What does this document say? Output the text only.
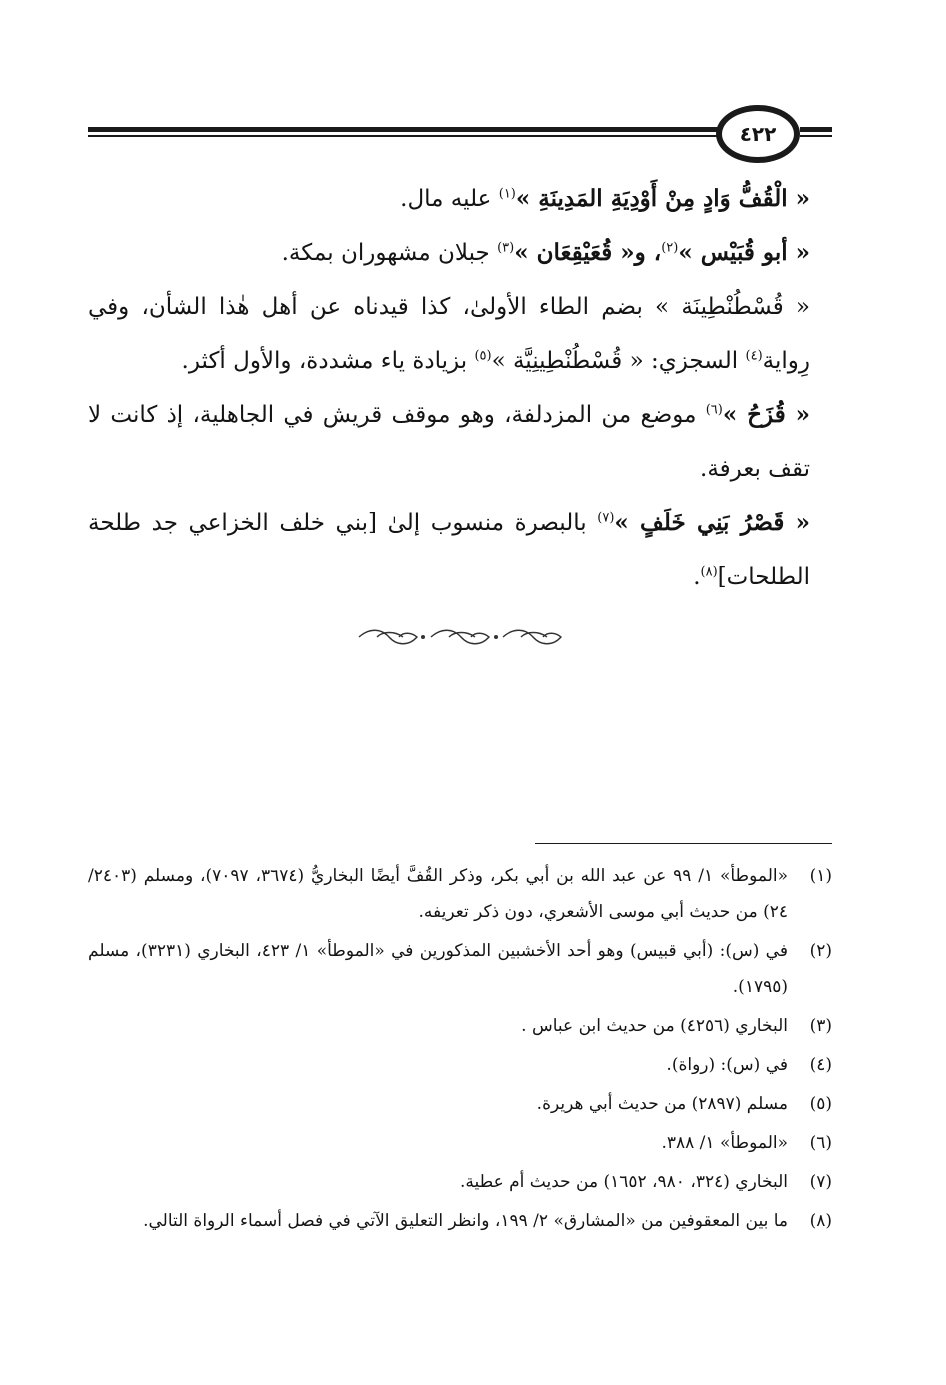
٤٢٢

« الْقُفُّ وَادٍ مِنْ أَوْدِيَةِ المَدِينَةِ »$^{(١)}$ عليه مال.

« أبو قُبَيْس »$^{(٢)}$، و« قُعَيْقِعَان »$^{(٣)}$ جبلان مشهوران بمكة.

« قُسْطُنْطِينَة » بضم الطاء الأولىٰ، كذا قيدناه عن أهل هٰذا الشأن، وفي رِواية$^{(٤)}$ السجزي: « قُسْطُنْطِينِيَّة »$^{(٥)}$ بزيادة ياء مشددة، والأول أكثر.

« قُزَحُ »$^{(٦)}$ موضع من المزدلفة، وهو موقف قريش في الجاهلية، إذ كانت لا تقف بعرفة.

« قَصْرُ بَنِي خَلَفٍ »$^{(٧)}$ بالبصرة منسوب إلىٰ [بني خلف الخزاعي جد طلحة الطلحات]$^{(٨)}$.

(١)
«الموطأ» ١/ ٩٩ عن عبد الله بن أبي بكر، وذكر القُفَّ أيضًا البخاريُّ (٣٦٧٤، ٧٠٩٧)، ومسلم (٢٤٠٣/ ٢٤) من حديث أبي موسى الأشعري، دون ذكر تعريفه.
(٢)
في (س): (أبي قبيس) وهو أحد الأخشبين المذكورين في «الموطأ» ١/ ٤٢٣، البخاري (٣٢٣١)، مسلم (١٧٩٥).
(٣)
البخاري (٤٢٥٦) من حديث ابن عباس .
(٤)
في (س): (رواة).
(٥)
مسلم (٢٨٩٧) من حديث أبي هريرة.
(٦)
«الموطأ» ١/ ٣٨٨.
(٧)
البخاري (٣٢٤، ٩٨٠، ١٦٥٢) من حديث أم عطية.
(٨)
ما بين المعقوفين من «المشارق» ٢/ ١٩٩، وانظر التعليق الآتي في فصل أسماء الرواة التالي.
